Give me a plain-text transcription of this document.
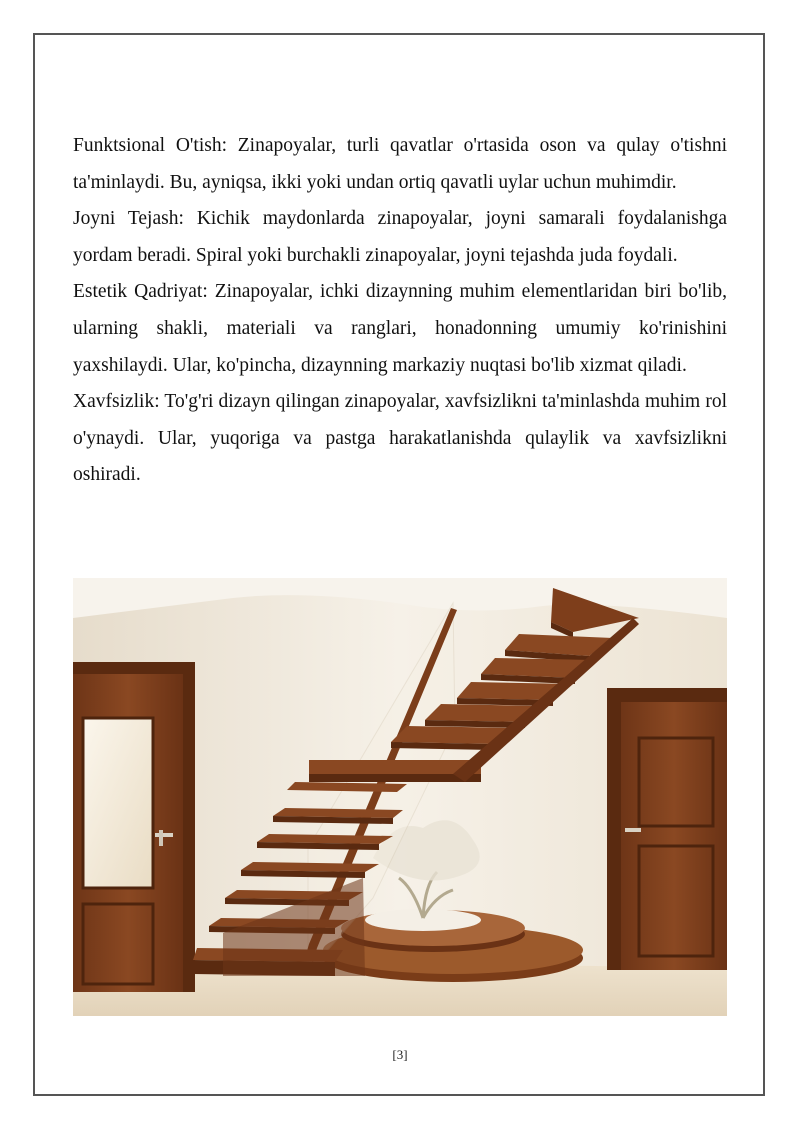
Funktsional O'tish: Zinapoyalar, turli qavatlar o'rtasida oson va qulay o'tishni ta'minlaydi. Bu, ayniqsa, ikki yoki undan ortiq qavatli uylar uchun muhimdir.

Joyni Tejash: Kichik maydonlarda zinapoyalar, joyni samarali foydalanishga yordam beradi. Spiral yoki burchakli zinapoyalar, joyni tejashda juda foydali.

Estetik Qadriyat: Zinapoyalar, ichki dizaynning muhim elementlaridan biri bo'lib, ularning shakli, materiali va ranglari, honadonning umumiy ko'rinishini yaxshilaydi. Ular, ko'pincha, dizaynning markaziy nuqtasi bo'lib xizmat qiladi.

Xavfsizlik: To'g'ri dizayn qilingan zinapoyalar, xavfsizlikni ta'minlashda muhim rol o'ynaydi. Ular, yuqoriga va pastga harakatlanishda qulaylik va xavfsizlikni oshiradi.

[3]
